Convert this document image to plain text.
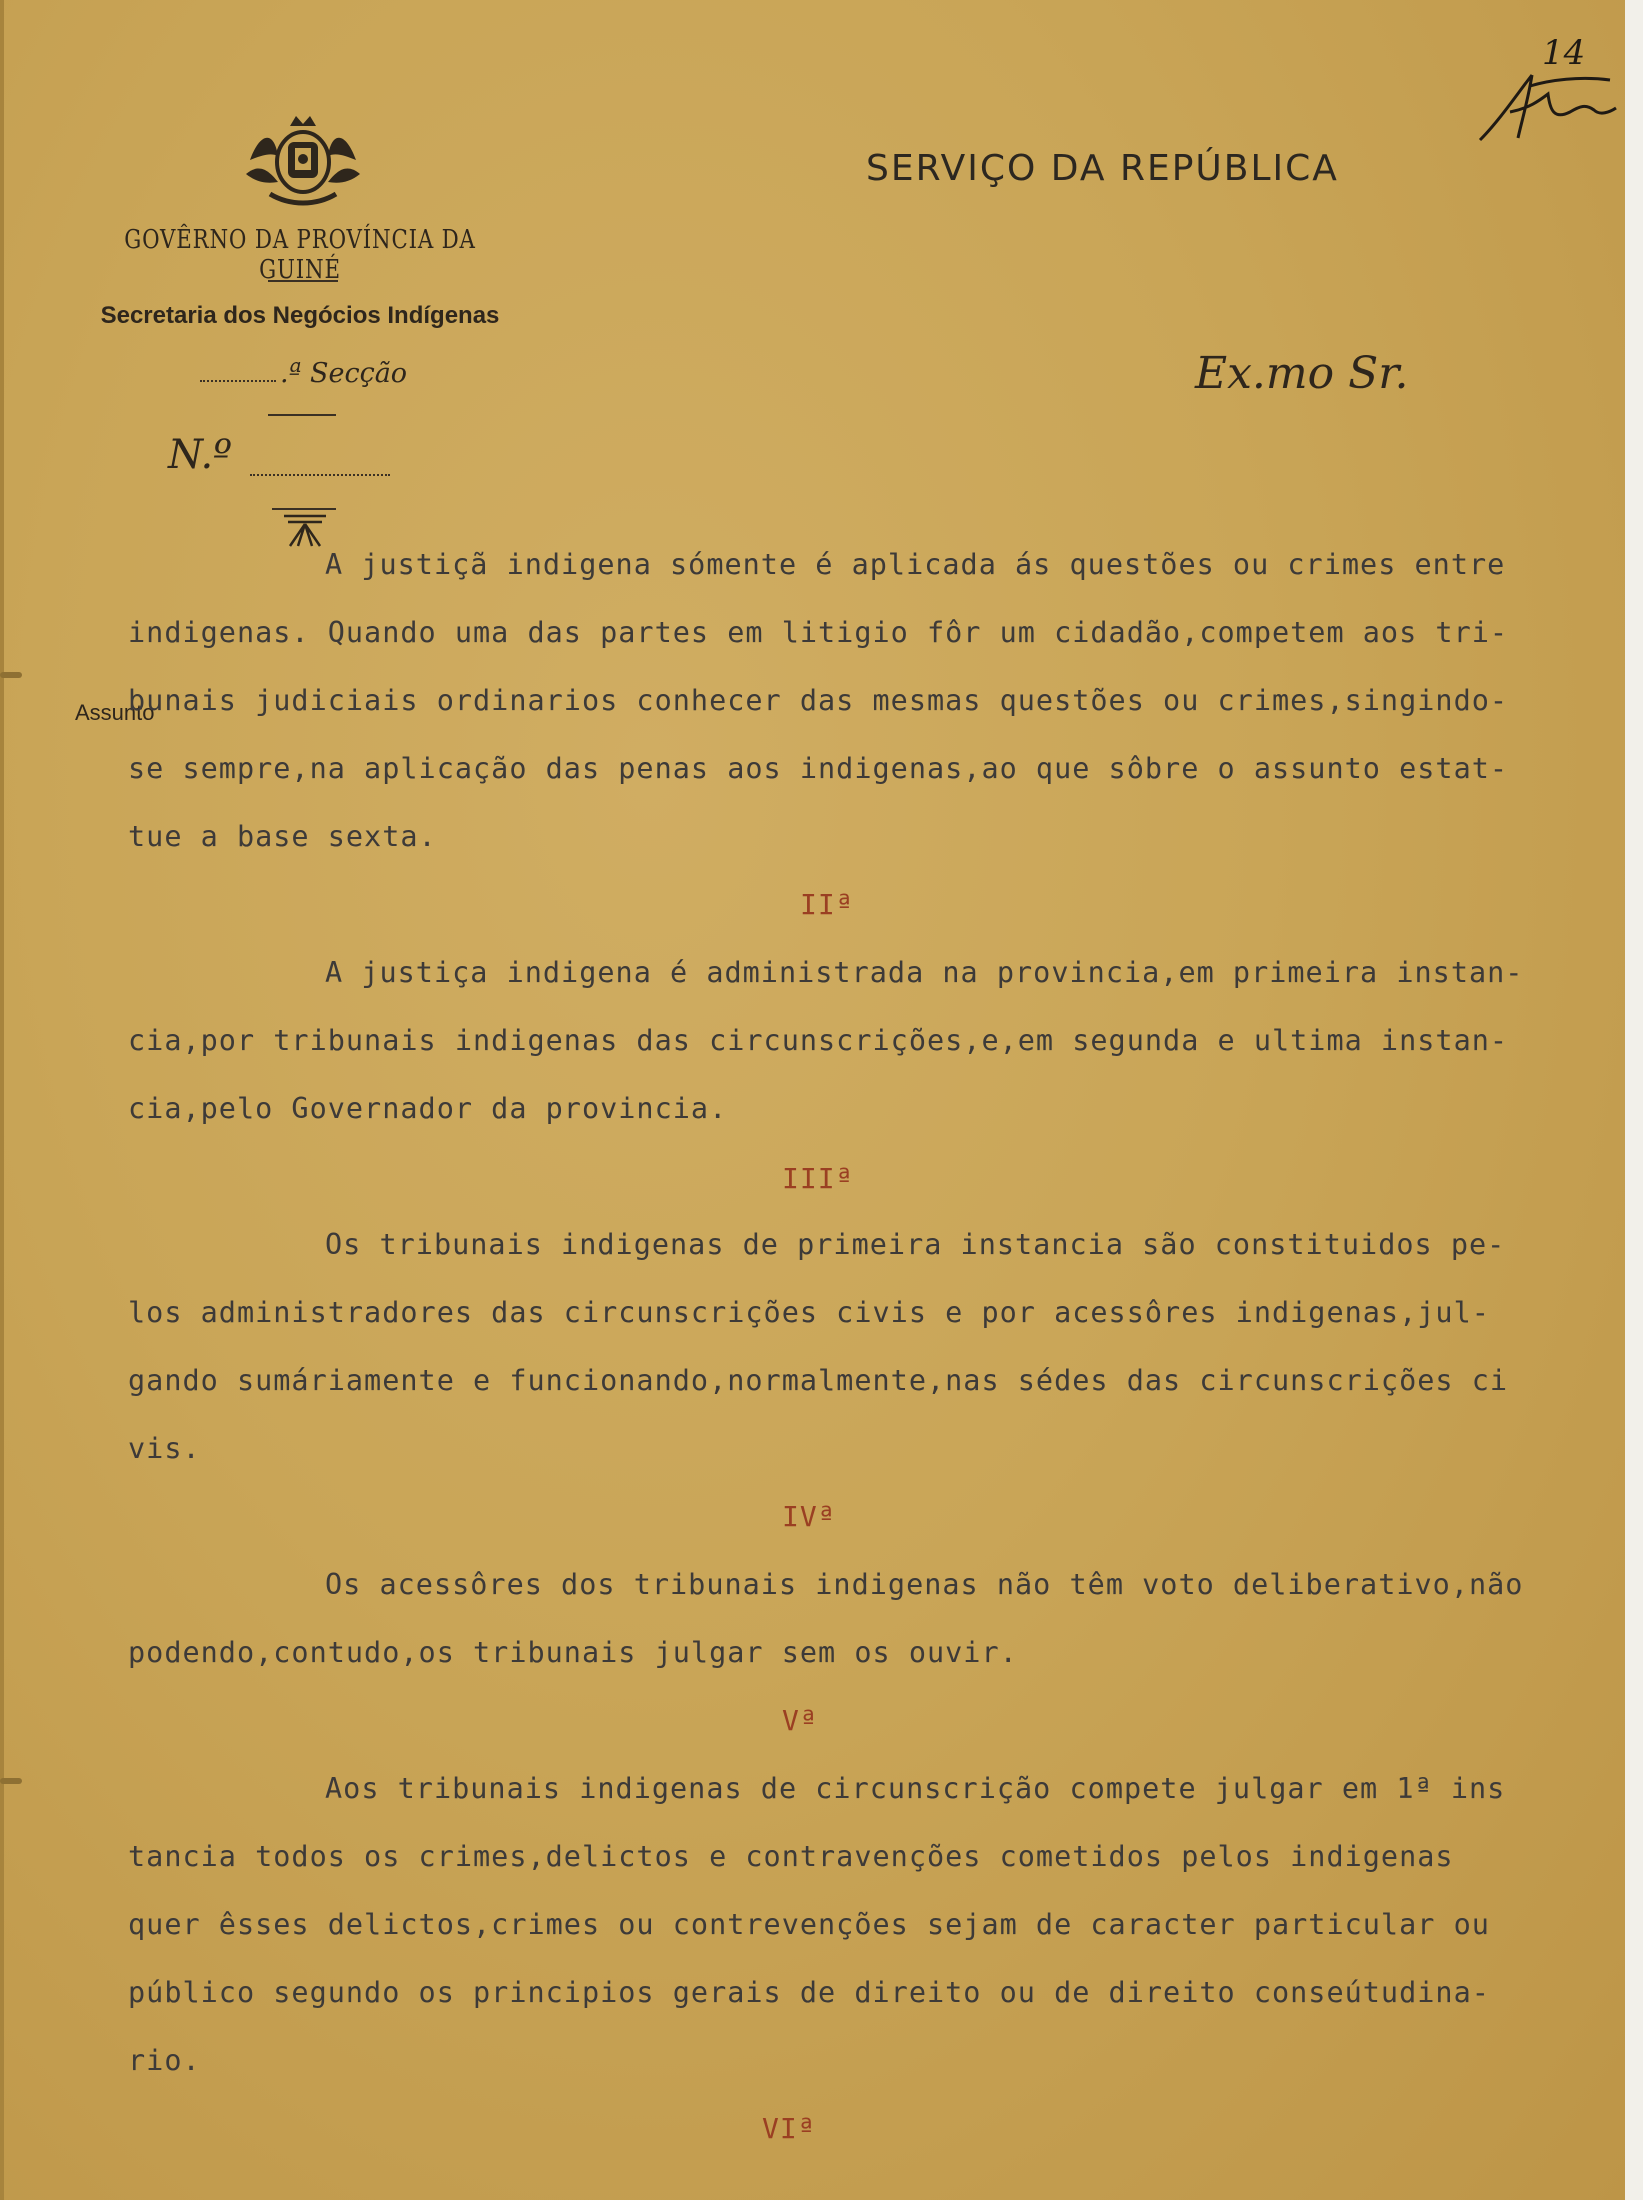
14
GOVÊRNO DA PROVÍNCIA DA GUINÉ
Secretaria dos Negócios Indígenas
.ª Secção
N.º
SERVIÇO DA REPÚBLICA
Ex.mo Sr.
Assunto
A justiçã indigena sómente é aplicada ás questões ou crimes entre
indigenas. Quando uma das partes em litigio fôr um cidadão,competem aos tri-
bunais judiciais ordinarios conhecer das mesmas questões ou crimes,singindo-
se sempre,na aplicação das penas aos indigenas,ao que sôbre o assunto estat-
tue a base sexta.
IIª
A justiça indigena é administrada na provincia,em primeira instan-
cia,por tribunais indigenas das circunscrições,e,em segunda e ultima instan-
cia,pelo Governador da provincia.
IIIª
Os tribunais indigenas de primeira instancia são constituidos pe-
los administradores das circunscrições civis e por acessôres indigenas,jul-
gando sumáriamente e funcionando,normalmente,nas sédes das circunscrições ci
vis.
IVª
Os acessôres dos tribunais indigenas não têm voto deliberativo,não
podendo,contudo,os tribunais julgar sem os ouvir.
Vª
Aos tribunais indigenas de circunscrição compete julgar em 1ª ins
tancia todos os crimes,delictos e contravenções cometidos pelos indigenas
quer êsses delictos,crimes ou contrevenções sejam de caracter particular ou
público segundo os principios gerais de direito ou de direito conseútudina-
rio.
VIª
